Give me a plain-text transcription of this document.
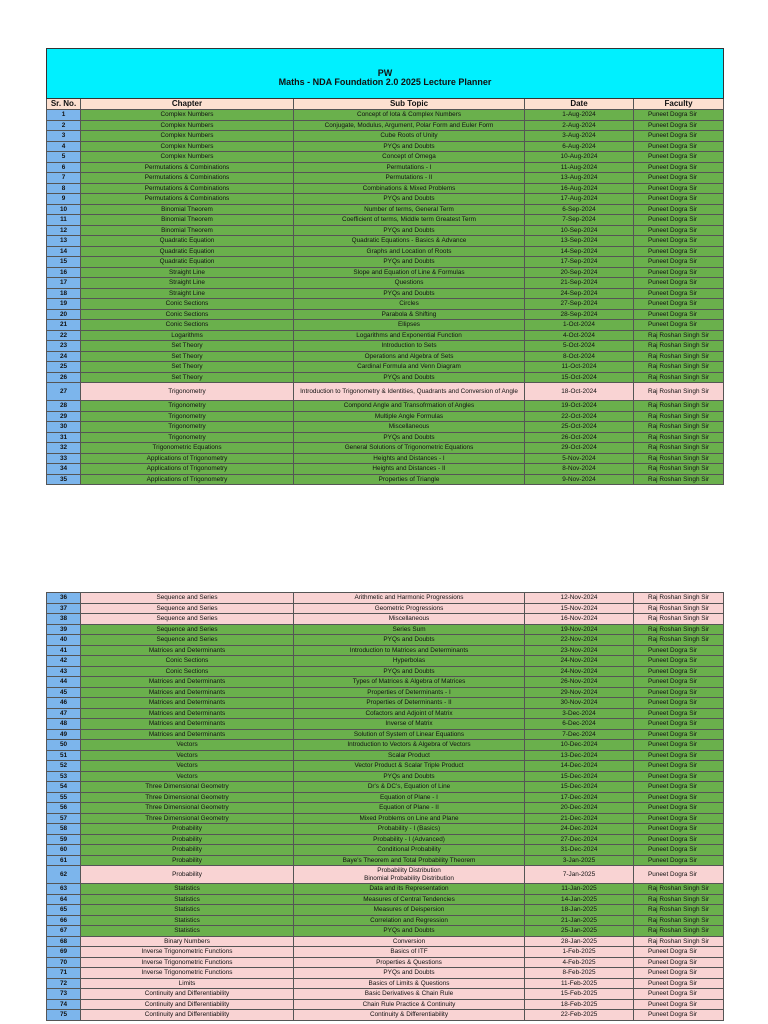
PW
Maths - NDA Foundation 2.0 2025 Lecture Planner				

Sr. No.	Chapter	Sub Topic	Date	Faculty
1	Complex Numbers	Concept of Iota & Complex Numbers	1-Aug-2024	Puneet Dogra Sir
2	Complex Numbers	Conjugate, Modulus, Argument, Polar Form and Euler Form	2-Aug-2024	Puneet Dogra Sir
3	Complex Numbers	Cube Roots of Unity	3-Aug-2024	Puneet Dogra Sir
4	Complex Numbers	PYQs and Doubts	6-Aug-2024	Puneet Dogra Sir
5	Complex Numbers	Concept of Omega	10-Aug-2024	Puneet Dogra Sir
6	Permutations & Combinations	Permutations - I	11-Aug-2024	Puneet Dogra Sir
7	Permutations & Combinations	Permutations - II	13-Aug-2024	Puneet Dogra Sir
8	Permutations & Combinations	Combinations & Mixed Problems	16-Aug-2024	Puneet Dogra Sir
9	Permutations & Combinations	PYQs and Doubts	17-Aug-2024	Puneet Dogra Sir
10	Binomial Theorem	Number of terms, General Term	6-Sep-2024	Puneet Dogra Sir
11	Binomial Theorem	Coefficient of terms, Middle term Greatest Term	7-Sep-2024	Puneet Dogra Sir
12	Binomial Theorem	PYQs and Doubts	10-Sep-2024	Puneet Dogra Sir
13	Quadratic Equation	Quadratic Equations - Basics & Advance	13-Sep-2024	Puneet Dogra Sir
14	Quadratic Equation	Graphs and Location of Roots	14-Sep-2024	Puneet Dogra Sir
15	Quadratic Equation	PYQs and Doubts	17-Sep-2024	Puneet Dogra Sir
16	Straight Line	Slope and Equation of Line & Formulas	20-Sep-2024	Puneet Dogra Sir
17	Straight Line	Questions	21-Sep-2024	Puneet Dogra Sir
18	Straight Line	PYQs and Doubts	24-Sep-2024	Puneet Dogra Sir
19	Conic Sections	Circles	27-Sep-2024	Puneet Dogra Sir
20	Conic Sections	Parabola & Shifting	28-Sep-2024	Puneet Dogra Sir
21	Conic Sections	Ellipses	1-Oct-2024	Puneet Dogra Sir
22	Logarithms	Logarithms and Exponential Function	4-Oct-2024	Raj Roshan Singh Sir
23	Set Theory	Introduction to Sets	5-Oct-2024	Raj Roshan Singh Sir
24	Set Theory	Operations and Algebra of Sets	8-Oct-2024	Raj Roshan Singh Sir
25	Set Theory	Cardinal Formula and Venn Diagram	11-Oct-2024	Raj Roshan Singh Sir
26	Set Theory	PYQs and Doubts	15-Oct-2024	Raj Roshan Singh Sir
27	Trigonometry	Introduction to Trigonometry & Identities, Quadrants and Conversion of Angle	18-Oct-2024	Raj Roshan Singh Sir
28	Trigonometry	Compond Angle and Transofrmation of Angles	19-Oct-2024	Raj Roshan Singh Sir
29	Trigonometry	Multiple Angle Formulas	22-Oct-2024	Raj Roshan Singh Sir
30	Trigonometry	Miscellaneous	25-Oct-2024	Raj Roshan Singh Sir
31	Trigonometry	PYQs and Doubts	26-Oct-2024	Raj Roshan Singh Sir
32	Trigonometric Equations	General Solutions of Trigonometric Equations	29-Oct-2024	Raj Roshan Singh Sir
33	Applications of Trigonometry	Heights and Distances - I	5-Nov-2024	Raj Roshan Singh Sir
34	Applications of Trigonometry	Heights and Distances - II	8-Nov-2024	Raj Roshan Singh Sir
35	Applications of Trigonometry	Properties of Triangle	9-Nov-2024	Raj Roshan Singh Sir
36	Sequence and Series	Arithmetic and Harmonic Progressions	12-Nov-2024	Raj Roshan Singh Sir
37	Sequence and Series	Geometric Progressions	15-Nov-2024	Raj Roshan Singh Sir
38	Sequence and Series	Miscellaneous	16-Nov-2024	Raj Roshan Singh Sir
39	Sequence and Series	Series Sum	19-Nov-2024	Raj Roshan Singh Sir
40	Sequence and Series	PYQs and Doubts	22-Nov-2024	Raj Roshan Singh Sir
41	Matrices and Determinants	Introduction to Matrices and Determinants	23-Nov-2024	Puneet Dogra Sir
42	Conic Sections	Hyperbolas	24-Nov-2024	Puneet Dogra Sir
43	Conic Sections	PYQs and Doubts	24-Nov-2024	Puneet Dogra Sir
44	Matrices and Determinants	Types of Matrices & Algebra of Matrices	26-Nov-2024	Puneet Dogra Sir
45	Matrices and Determinants	Properties of Determinants - I	29-Nov-2024	Puneet Dogra Sir
46	Matrices and Determinants	Properties of Determinants - II	30-Nov-2024	Puneet Dogra Sir
47	Matrices and Determinants	Cofactors and Adjoint of Matrix	3-Dec-2024	Puneet Dogra Sir
48	Matrices and Determinants	Inverse of Matrix	6-Dec-2024	Puneet Dogra Sir
49	Matrices and Determinants	Solution of System of Linear Equations	7-Dec-2024	Puneet Dogra Sir
50	Vectors	Introduction to Vectors & Algebra of Vectors	10-Dec-2024	Puneet Dogra Sir
51	Vectors	Scalar Product	13-Dec-2024	Puneet Dogra Sir
52	Vectors	Vector Product & Scalar Triple Product	14-Dec-2024	Puneet Dogra Sir
53	Vectors	PYQs and Doubts	15-Dec-2024	Puneet Dogra Sir
54	Three Dimensional Geometry	Dr's & DC's, Equation of Line	15-Dec-2024	Puneet Dogra Sir
55	Three Dimensional Geometry	Equation of Plane - I	17-Dec-2024	Puneet Dogra Sir
56	Three Dimensional Geometry	Equation of Plane - II	20-Dec-2024	Puneet Dogra Sir
57	Three Dimensional Geometry	Mixed Problems on Line and Plane	21-Dec-2024	Puneet Dogra Sir
58	Probability	Probability - I (Basics)	24-Dec-2024	Puneet Dogra Sir
59	Probability	Probability - I (Advanced)	27-Dec-2024	Puneet Dogra Sir
60	Probability	Conditional Probability	31-Dec-2024	Puneet Dogra Sir
61	Probability	Baye's Theorem and Total Probability Theorem	3-Jan-2025	Puneet Dogra Sir
62	Probability	Probability Distribution
Binomial Probability Distribution	7-Jan-2025	Puneet Dogra Sir
63	Statistics	Data and its Representation	11-Jan-2025	Raj Roshan Singh Sir
64	Statistics	Measures of Central Tendencies	14-Jan-2025	Raj Roshan Singh Sir
65	Statistics	Measures of Deispersion	18-Jan-2025	Raj Roshan Singh Sir
66	Statistics	Correlation and Regression	21-Jan-2025	Raj Roshan Singh Sir
67	Statistics	PYQs and Doubts	25-Jan-2025	Raj Roshan Singh Sir
68	Binary Numbers	Conversion	28-Jan-2025	Raj Roshan Singh Sir
69	Inverse Trigonometric Functions	Basics of ITF	1-Feb-2025	Puneet Dogra Sir
70	Inverse Trigonometric Functions	Properties & Questions	4-Feb-2025	Puneet Dogra Sir
71	Inverse Trigonometric Functions	PYQs and Doubts	8-Feb-2025	Puneet Dogra Sir
72	Limits	Basics of Limits & Questions	11-Feb-2025	Puneet Dogra Sir
73	Continuity and Differentiability	Basic Derivatives & Chain Rule	15-Feb-2025	Puneet Dogra Sir
74	Continuity and Differentiability	Chain Rule Practice & Continuity	18-Feb-2025	Puneet Dogra Sir
75	Continuity and Differentiability	Continuity & Differentiability	22-Feb-2025	Puneet Dogra Sir
